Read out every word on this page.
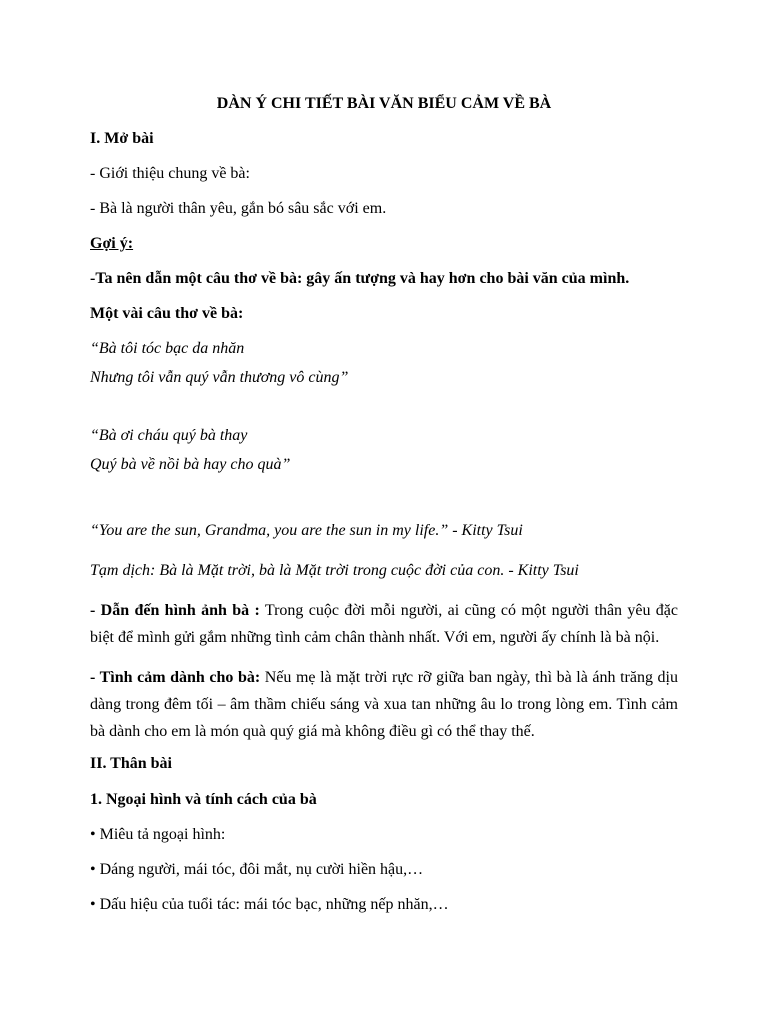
DÀN Ý CHI TIẾT BÀI VĂN BIỂU CẢM VỀ BÀ
I. Mở bài
- Giới thiệu chung về bà:
- Bà là người thân yêu, gắn bó sâu sắc với em.
Gợi ý:
-Ta nên dẫn một câu thơ về bà: gây ấn tượng và hay hơn cho bài văn của mình.
Một vài câu thơ về bà:
“Bà tôi tóc bạc da nhăn
Nhưng tôi vẫn quý vẫn thương vô cùng”
“Bà ơi cháu quý bà thay
Quý bà về nồi bà hay cho quà”
“You are the sun, Grandma, you are the sun in my life.” - Kitty Tsui
Tạm dịch: Bà là Mặt trời, bà là Mặt trời trong cuộc đời của con. - Kitty Tsui
- Dẫn đến hình ảnh bà : Trong cuộc đời mỗi người, ai cũng có một người thân yêu đặc biệt để mình gửi gắm những tình cảm chân thành nhất. Với em, người ấy chính là bà nội.
- Tình cảm dành cho bà: Nếu mẹ là mặt trời rực rỡ giữa ban ngày, thì bà là ánh trăng dịu dàng trong đêm tối – âm thầm chiếu sáng và xua tan những âu lo trong lòng em. Tình cảm bà dành cho em là món quà quý giá mà không điều gì có thể thay thế.
II. Thân bài
1. Ngoại hình và tính cách của bà
• Miêu tả ngoại hình:
• Dáng người, mái tóc, đôi mắt, nụ cười hiền hậu,…
• Dấu hiệu của tuổi tác: mái tóc bạc, những nếp nhăn,…
